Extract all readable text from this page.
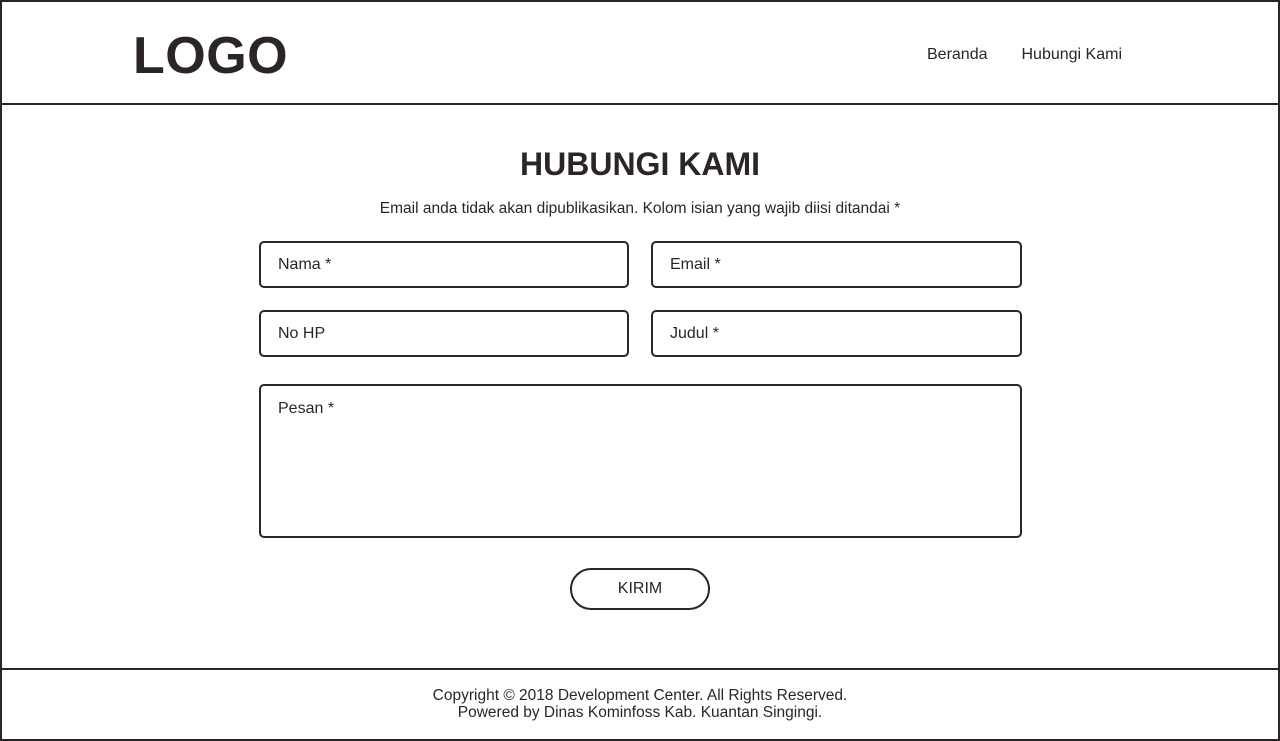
LOGO	Beranda Hubungi Kami
HUBUNGI KAMI

Email anda tidak akan dipublikasikan. Kolom isian yang wajib diisi ditandai *

Nama *
Email *
No HP
Judul *
Pesan *
KIRIM

Copyright © 2018 Development Center. All Rights Reserved.

Powered by Dinas Kominfoss Kab. Kuantan Singingi.
